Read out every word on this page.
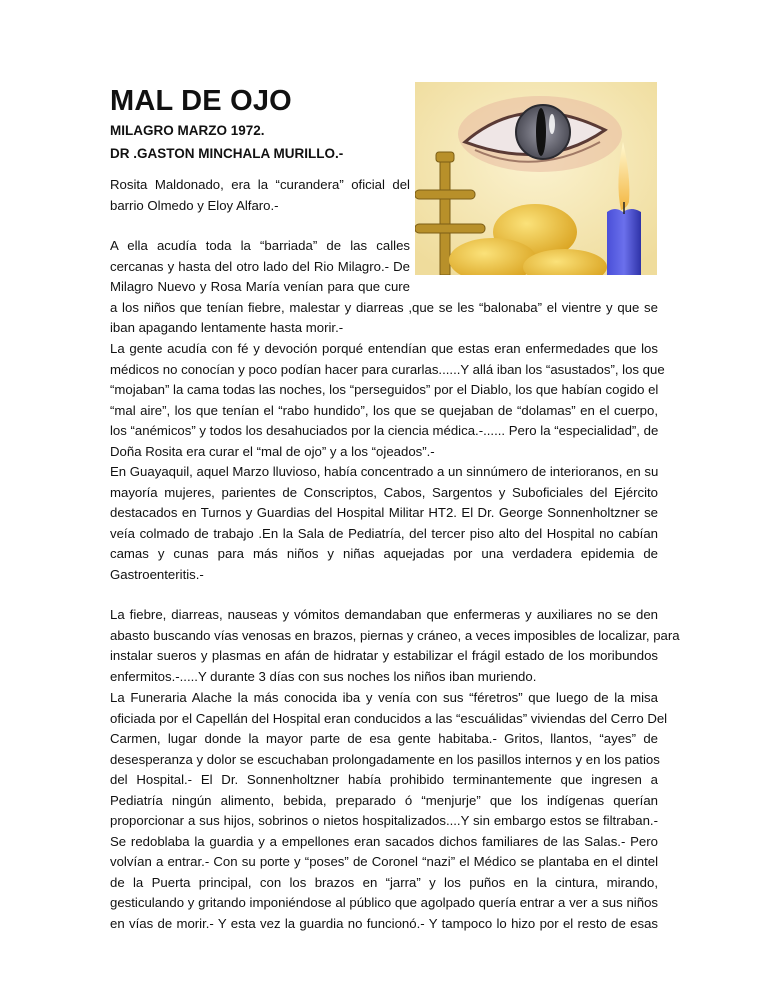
MAL DE OJO

MILAGRO MARZO 1972.

DR .GASTON MINCHALA MURILLO.-

Rosita Maldonado, era la “curandera” oficial del
barrio Olmedo y Eloy Alfaro.-
A ella acudía toda la “barriada” de las calles
cercanas y hasta del otro lado del Rio Milagro.- De
Milagro Nuevo y Rosa María venían para que cure
a los niños que tenían fiebre, malestar y diarreas ,que se les “balonaba” el vientre y que se
iban apagando lentamente hasta morir.-
La gente acudía con fé y devoción porqué entendían que estas eran enfermedades que los
médicos no conocían y poco podían hacer para curarlas......Y allá iban los “asustados”, los que
“mojaban” la cama todas las noches, los “perseguidos” por el Diablo, los que habían cogido el
“mal aire”, los que tenían el “rabo hundido”, los que se quejaban de “dolamas” en el cuerpo,
los “anémicos” y todos los desahuciados por la ciencia médica.-...... Pero la “especialidad”, de
Doña Rosita era curar el “mal de ojo” y a los “ojeados”.-
En Guayaquil, aquel Marzo lluvioso, había concentrado a un sinnúmero de interioranos, en su
mayoría mujeres, parientes de Conscriptos, Cabos, Sargentos y Suboficiales del Ejército
destacados en Turnos y Guardias del Hospital Militar HT2. El Dr. George Sonnenholtzner se
veía colmado de trabajo .En la Sala de Pediatría, del tercer piso alto del Hospital no cabían
camas y cunas para más niños y niñas aquejadas por una verdadera epidemia de
Gastroenteritis.-
La fiebre, diarreas, nauseas y vómitos demandaban que enfermeras y auxiliares no se den
abasto buscando vías venosas en brazos, piernas y cráneo, a veces imposibles de localizar, para
instalar sueros y plasmas en afán de hidratar y estabilizar el frágil estado de los moribundos
enfermitos.-.....Y durante 3 días con sus noches los niños iban muriendo.
La Funeraria Alache la más conocida iba y venía con sus “féretros” que luego de la misa
oficiada por el Capellán del Hospital eran conducidos a las “escuálidas” viviendas del Cerro Del
Carmen, lugar donde la mayor parte de esa gente habitaba.- Gritos, llantos, “ayes” de
desesperanza y dolor se escuchaban prolongadamente en los pasillos internos y en los patios
del Hospital.- El Dr. Sonnenholtzner había prohibido terminantemente que ingresen a
Pediatría ningún alimento, bebida, preparado ó “menjurje” que los indígenas querían
proporcionar a sus hijos, sobrinos o nietos hospitalizados....Y sin embargo estos se filtraban.-
Se redoblaba la guardia y a empellones eran sacados dichos familiares de las Salas.- Pero
volvían a entrar.- Con su porte y “poses” de Coronel “nazi” el Médico se plantaba en el dintel
de la Puerta principal, con los brazos en “jarra” y los puños en la cintura, mirando,
gesticulando y gritando imponiéndose al público que agolpado quería entrar a ver a sus niños
en vías de morir.- Y esta vez la guardia no funcionó.- Y tampoco lo hizo por el resto de esas
